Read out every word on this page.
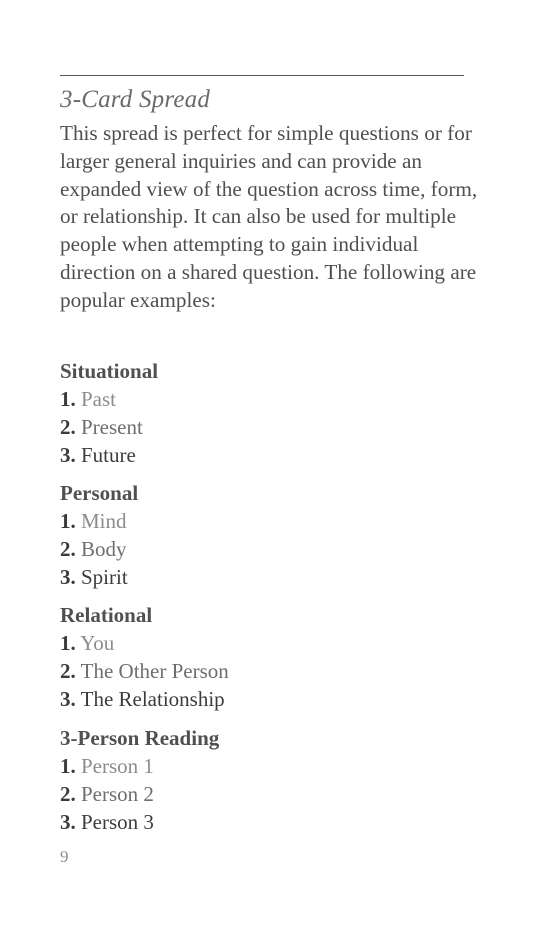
3-Card Spread

This spread is perfect for simple questions or for larger general inquiries and can provide an expanded view of the question across time, form, or relationship. It can also be used for multiple people when attempting to gain individual direction on a shared question. The following are popular examples:

Situational
1. Past
2. Present
3. Future
Personal
1. Mind
2. Body
3. Spirit
Relational
1. You
2. The Other Person
3. The Relationship
3-Person Reading
1. Person 1
2. Person 2
3. Person 3
9
